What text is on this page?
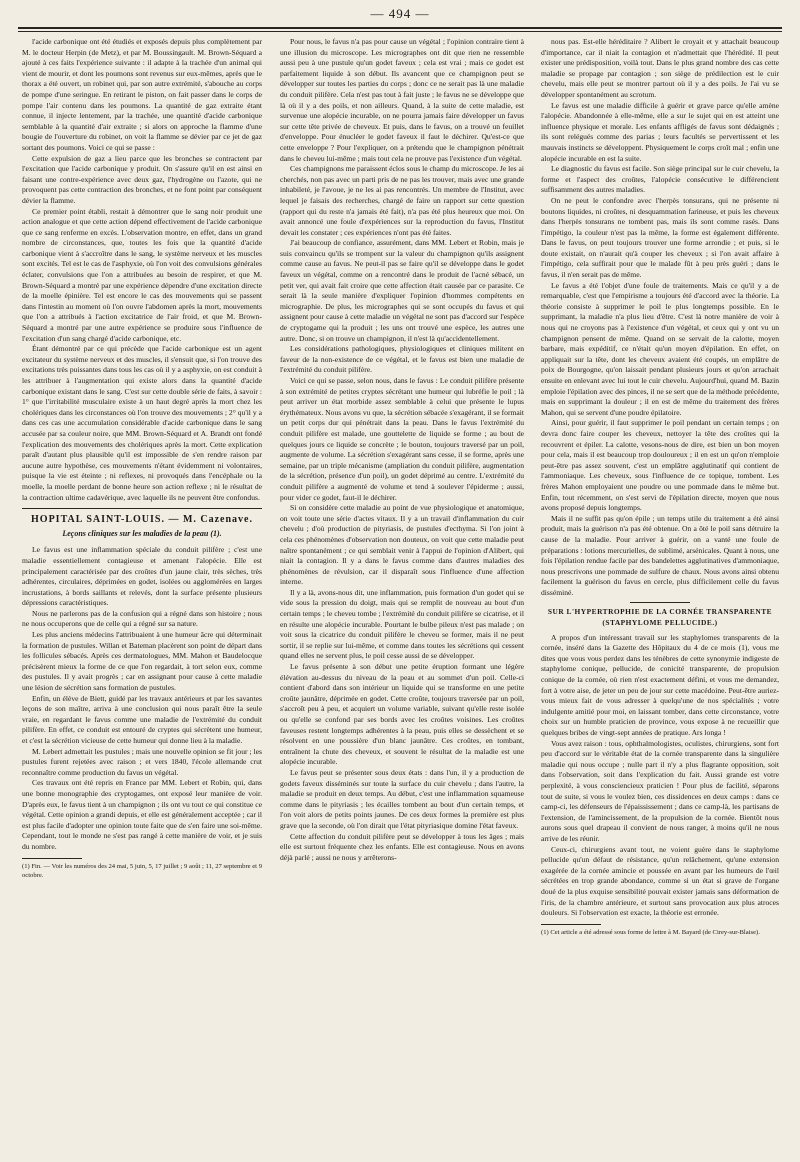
— 494 —

l'acide carbonique ont été étudiés et exposés depuis plus complètement par M. le docteur Herpin (de Metz), et par M. Boussingault. M. Brown-Séquard a ajouté à ces faits l'expérience suivante : il adapte à la trachée d'un animal qui vient de mourir, et dont les poumons sont revenus sur eux-mêmes, après que le thorax a été ouvert, un robinet qui, par son autre extrémité, s'abouche au corps de pompe d'une seringue. En retirant le piston, on fait passer dans le corps de pompe l'air contenu dans les poumons. La quantité de gaz extraite étant connue, il injecte lentement, par la trachée, une quantité d'acide carbonique semblable à la quantité d'air extraite ; si alors on approche la flamme d'une bougie de l'ouverture du robinet, on voit la flamme se dévier par ce jet de gaz sortant des poumons. Voici ce qui se passe :

Cette expulsion de gaz a lieu parce que les bronches se contractent par l'excitation que l'acide carbonique y produit. On s'assure qu'il en est ainsi en faisant une contre-expérience avec deux gaz, l'hydrogène ou l'azote, qui ne provoquent pas cette contraction des bronches, et ne font point par conséquent dévier la flamme.

Ce premier point établi, restait à démontrer que le sang noir produit une action analogue et que cette action dépend effectivement de l'acide carbonique que ce sang renferme en excès. L'observation montre, en effet, dans un grand nombre de circonstances, que, toutes les fois que la quantité d'acide carbonique vient à s'accroître dans le sang, le système nerveux et les muscles sont excités. Tel est le cas de l'asphyxie, où l'on voit des convulsions générales éclater, convulsions que l'on a attribuées au besoin de respirer, et que M. Brown-Séquard a montré par une expérience dépendre d'une excitation directe de la moelle épinière. Tel est encore le cas des mouvements qui se passent dans l'intestin au moment où l'on ouvre l'abdomen après la mort, mouvements que l'on a attribués à l'action excitatrice de l'air froid, et que M. Brown-Séquard a montré par une autre expérience se produire sous l'influence de l'excitation d'un sang chargé d'acide carbonique, etc.

Étant démontré par ce qui précède que l'acide carbonique est un agent excitateur du système nerveux et des muscles, il s'ensuit que, si l'on trouve des excitations très puissantes dans tous les cas où il y a asphyxie, on est conduit à les attribuer à l'augmentation qui existe alors dans la quantité d'acide carbonique existant dans le sang. C'est sur cette double série de faits, à savoir : 1° que l'irritabilité musculaire existe à un haut degré après la mort chez les cholériques dans les circonstances où l'on trouve des mouvements ; 2° qu'il y a dans ces cas une accumulation considérable d'acide carbonique dans le sang accusée par sa couleur noire, que MM. Brown-Séquard et A. Brandt ont fondé l'explication des mouvements des cholériques après la mort. Cette explication paraît d'autant plus plausible qu'il est impossible de s'en rendre raison par aucune autre hypothèse, ces mouvements n'étant évidemment ni volontaires, puisque la vie est éteinte ; ni reflexes, ni provoqués dans l'encéphale ou la moelle, la moelle perdant de bonne heure son action reflexe ; ni le résultat de la contraction ultime cadavérique, avec laquelle ils ne peuvent être confondus.

HOPITAL SAINT-LOUIS. — M. Cazenave.
Leçons cliniques sur les maladies de la peau (1).

Le favus est une inflammation spéciale du conduit pilifère ; c'est une maladie essentiellement contagieuse et amenant l'alopécie. Elle est principalement caractérisée par des croûtes d'un jaune clair, très sèches, très adhérentes, circulaires, déprimées en godet, isolées ou agglomérées en larges incrustations, à bords saillants et relevés, dont la surface présente plusieurs dépressions caractéristiques.

Nous ne parlerons pas de la confusion qui a régné dans son histoire ; nous ne nous occuperons que de celle qui a régné sur sa nature.

Les plus anciens médecins l'attribuaient à une humeur âcre qui déterminait la formation de pustules. Willan et Bateman placèrent son point de départ dans les follicules sébacés. Après ces dermatologues, MM. Mahon et Baudelocque précisèrent mieux la forme de ce que l'on regardait, à tort selon eux, comme des pustules. Il y avait progrès ; car en assignant pour cause à cette maladie une lésion de sécrétion sans formation de pustules.

Enfin, un élève de Biett, guidé par les travaux antérieurs et par les savantes leçons de son maître, arriva à une conclusion qui nous paraît être la seule vraie, en regardant le favus comme une maladie de l'extrémité du conduit pilifère. En effet, ce conduit est entouré de cryptes qui sécrètent une humeur, et c'est la sécrétion vicieuse de cette humeur qui donne lieu à la maladie.

M. Lebert admettait les pustules ; mais une nouvelle opinion se fit jour ; les pustules furent rejetées avec raison ; et vers 1840, l'école allemande crut reconnaître comme production du favus un végétal.

Ces travaux ont été repris en France par MM. Lebert et Robin, qui, dans une bonne monographie des cryptogames, ont exposé leur manière de voir. D'après eux, le favus tient à un champignon ; ils ont vu tout ce qui constitue ce végétal. Cette opinion a grandi depuis, et elle est généralement acceptée ; car il est plus facile d'adopter une opinion toute faite que de s'en faire une soi-même. Cependant, tout le monde ne s'est pas rangé à cette manière de voir, et je suis du nombre.

(1) Fin. — Voir les numéros des 24 mai, 5 juin, 5, 17 juillet ; 9 août ; 11, 27 septembre et 9 octobre.

Pour nous, le favus n'a pas pour cause un végétal ; l'opinion contraire tient à une illusion du microscope. Les micrographes ont dit que rien ne ressemble aussi peu à une pustule qu'un godet faveux ; cela est vrai ; mais ce godet est parfaitement liquide à son début. Ils avancent que ce champignon peut se développer sur toutes les parties du corps ; donc ce ne serait pas là une maladie du conduit pilifère. Cela n'est pas tout à fait juste ; le favus ne se développe que là où il y a des poils, et non ailleurs. Quand, à la suite de cette maladie, est survenue une alopécie incurable, on ne pourra jamais faire développer un favus sur cette tête privée de cheveux. Et puis, dans le favus, on a trouvé un feuillet d'enveloppe. Pour énucléer le godet faveux il faut le déchirer. Qu'est-ce que cette enveloppe ? Pour l'expliquer, on a prétendu que le champignon pénétrait dans le cheveu lui-même ; mais tout cela ne prouve pas l'existence d'un végétal.

Ces champignons me paraissent éclos sous le champ du microscope. Je les ai cherchés, non pas avec un parti pris de ne pas les trouver, mais avec une grande inhabileté, je l'avoue, je ne les ai pas rencontrés. Un membre de l'Institut, avec lequel je faisais des recherches, chargé de faire un rapport sur cette question (rapport qui du reste n'a jamais été fait), n'a pas été plus heureux que moi. On avait annoncé une foule d'expériences sur la reproduction du favus, l'Institut devait les constater ; ces expériences n'ont pas été faites.

J'ai beaucoup de confiance, assurément, dans MM. Lebert et Robin, mais je suis convaincu qu'ils se trompent sur la valeur du champignon qu'ils assignent comme cause au favus. Ne peut-il pas se faire qu'il se développe dans le godet faveux un végétal, comme on a rencontré dans le produit de l'acné sébacé, un petit ver, qui avait fait croire que cette affection était causée par ce parasite. Ce serait là la seule manière d'expliquer l'opinion d'hommes compétents en micrographie. De plus, les micrographes qui se sont occupés du favus et qui assignent pour cause à cette maladie un végétal ne sont pas d'accord sur l'espèce de cryptogame qui la produit ; les uns ont trouvé une espèce, les autres une autre. Donc, si on trouve un champignon, il n'est là qu'accidentellement.

Les considérations pathologiques, physiologiques et cliniques militent en faveur de la non-existence de ce végétal, et le favus est bien une maladie de l'extrémité du conduit pilifère.

Voici ce qui se passe, selon nous, dans le favus : Le conduit pilifère présente à son extrémité de petites cryptes sécrétant une humeur qui lubréfie le poil ; là peut arriver un état morbide assez semblable à celui que présente le lupus érythémateux. Nous avons vu que, la sécrétion sébacée s'exagérant, il se formait un petit corps dur qui pénétrait dans la peau. Dans le favus l'extrémité du conduit pilifère est malade, une gouttelette de liquide se forme ; au bout de quelques jours ce liquide se concrète ; le bouton, toujours traversé par un poil, augmente de volume. La sécrétion s'exagérant sans cesse, il se forme, après une semaine, par un triple mécanisme (ampliation du conduit pilifère, augmentation de la sécrétion, présence d'un poil), un godet déprimé au centre. L'extrémité du conduit pilifère a augmenté de volume et tend à soulever l'épiderme ; aussi, pour vider ce godet, faut-il le déchirer.

Si on considère cette maladie au point de vue physiologique et anatomique, on voit toute une série d'actes vitaux. Il y a un travail d'inflammation du cuir chevelu ; d'où production de pityriasis, de pustules d'ecthyma. Si l'on joint à cela ces phénomènes d'observation non douteux, on voit que cette maladie peut naître spontanément ; ce qui semblait venir à l'appui de l'opinion d'Alibert, qui niait la contagion. Il y a dans le favus comme dans d'autres maladies des phénomènes de révulsion, car il disparaît sous l'influence d'une affection interne.

Il y a là, avons-nous dit, une inflammation, puis formation d'un godet qui se vide sous la pression du doigt, mais qui se remplit de nouveau au bout d'un certain temps ; le cheveu tombe ; l'extrémité du conduit pilifère se cicatrise, et il en résulte une alopécie incurable. Pourtant le bulbe pileux n'est pas malade ; on voit sous la cicatrice du conduit pilifère le cheveu se former, mais il ne peut sortir, il se replie sur lui-même, et comme dans toutes les sécrétions qui cessent quand elles ne servent plus, le poil cesse aussi de se développer.

Le favus présente à son début une petite éruption formant une légère élévation au-dessus du niveau de la peau et au sommet d'un poil. Celle-ci contient d'abord dans son intérieur un liquide qui se transforme en une petite croûte jaunâtre, déprimée en godet. Cette croûte, toujours traversée par un poil, s'accroît peu à peu, et acquiert un volume variable, suivant qu'elle reste isolée ou qu'elle se confond par ses bords avec les croûtes voisines. Les croûtes faveuses restent longtemps adhérentes à la peau, puis elles se dessèchent et se résolvent en une poussière d'un blanc jaunâtre. Ces croûtes, en tombant, entraînent la chute des cheveux, et souvent le résultat de la maladie est une alopécie incurable.

Le favus peut se présenter sous deux états : dans l'un, il y a production de godets faveux disséminés sur toute la surface du cuir chevelu ; dans l'autre, la maladie se produit en deux temps. Au début, c'est une inflammation squameuse comme dans le pityriasis ; les écailles tombent au bout d'un certain temps, et l'on voit alors de petits points jaunes. De ces deux formes la première est plus grave que la seconde, où l'on dirait que l'état pityriasique domine l'état faveux.

Cette affection du conduit pilifère peut se développer à tous les âges ; mais elle est surtout fréquente chez les enfants. Elle est contagieuse. Nous en avons déjà parlé ; aussi ne nous y arrêterons-

nous pas. Est-elle héréditaire ? Alibert le croyait et y attachait beaucoup d'importance, car il niait la contagion et n'admettait que l'hérédité. Il peut exister une prédisposition, voilà tout. Dans le plus grand nombre des cas cette maladie se propage par contagion ; son siège de prédilection est le cuir chevelu, mais elle peut se montrer partout où il y a des poils. Je l'ai vu se développer spontanément au scrotum.

Le favus est une maladie difficile à guérir et grave parce qu'elle amène l'alopécie. Abandonnée à elle-même, elle a sur le sujet qui en est atteint une influence physique et morale. Les enfants affligés de favus sont dédaignés ; ils sont relégués comme des parias ; leurs facultés se pervertissent et les mauvais instincts se développent. Physiquement le corps croît mal ; enfin une alopécie incurable en est la suite.

Le diagnostic du favus est facile. Son siège principal sur le cuir chevelu, la forme et l'aspect des croûtes, l'alopécie consécutive le différencient suffisamment des autres maladies.

On ne peut le confondre avec l'herpès tonsurans, qui ne présente ni boutons liquides, ni croûtes, ni desquammation farineuse, et puis les cheveux dans l'herpès tonsurans ne tombent pas, mais ils sont comme rasés. Dans l'impétigo, la couleur n'est pas la même, la forme est également différente. Dans le favus, on peut toujours trouver une forme arrondie ; et puis, si le doute existait, on n'aurait qu'à couper les cheveux ; si l'on avait affaire à l'impétigo, cela suffirait pour que le malade fût à peu près guéri ; dans le favus, il n'en serait pas de même.

Le favus a été l'objet d'une foule de traitements. Mais ce qu'il y a de remarquable, c'est que l'empirisme a toujours été d'accord avec la théorie. La théorie consiste à supprimer le poil le plus longtemps possible. En le supprimant, la maladie n'a plus lieu d'être. C'est là notre manière de voir à nous qui ne croyons pas à l'existence d'un végétal, et ceux qui y ont vu un champignon pensent de même. Quand on se servait de la calotte, moyen barbare, mais expéditif, ce n'était qu'un moyen d'épilation. En effet, on appliquait sur la tête, dont les cheveux avaient été coupés, un emplâtre de poix de Bourgogne, qu'on laissait pendant plusieurs jours et qu'on arrachait ensuite en enlevant avec lui tout le cuir chevelu. Aujourd'hui, quand M. Bazin emploie l'épilation avec des pinces, il ne se sert que de la méthode précédente, mais en supprimant la douleur ; il en est de même du traitement des frères Mahon, qui se servent d'une poudre épilatoire.

Ainsi, pour guérir, il faut supprimer le poil pendant un certain temps ; on devra donc faire couper les cheveux, nettoyer la tête des croûtes qui la recouvrent et épiler. La calotte, vesons-nous de dire, est bien un bon moyen pour cela, mais il est beaucoup trop douloureux ; il en est un qu'on n'emploie peut-être pas assez souvent, c'est un emplâtre agglutinatif qui contient de l'ammoniaque. Les cheveux, sous l'influence de ce topique, tombent. Les frères Mahon employaient une poudre ou une pommade dans le même but. Enfin, tout récemment, on s'est servi de l'épilation directe, moyen que nous avons proposé depuis longtemps.

Mais il ne suffit pas qu'on épile ; un temps utile du traitement a été ainsi produit, mais la guérison n'a pas été obtenue. On a ôté le poil sans détruire la cause de la maladie. Pour arriver à guérir, on a vanté une foule de préparations : lotions mercurielles, de sublimé, arsénicales. Quant à nous, une fois l'épilation rendue facile par des bandelettes agglutinatives d'ammoniaque, nous prescrivons une pommade de sulfure de chaux. Nous avons ainsi obtenu facilement la guérison du favus en cercle, plus difficilement celle du favus disséminé.

SUR L'HYPERTROPHIE DE LA CORNÉE TRANSPARENTE (STAPHYLOME PELLUCIDE.)

A propos d'un intéressant travail sur les staphylomes transparents de la cornée, inséré dans la Gazette des Hôpitaux du 4 de ce mois (1), vous me dites que vous vous perdez dans les ténèbres de cette synonymie indigeste de staphylome conique, pellucide, de conicité transparente, de propulsion conique de la cornée, où rien n'est exactement défini, et vous me demandez, fort à votre aise, de jeter un peu de jour sur cette macédoine. Peut-être auriez-vous mieux fait de vous adresser à quelqu'une de nos spécialités ; votre indulgente amitié pour moi, en laissant tomber, dans cette circonstance, votre choix sur un humble praticien de province, vous expose à ne recueillir que quelques bribes de vingt-sept années de pratique. Ars longa !

Vous avez raison : tous, ophthalmologistes, oculistes, chirurgiens, sont fort peu d'accord sur le véritable état de la cornée transparente dans la singulière maladie qui nous occupe ; nulle part il n'y a plus flagrante opposition, soit dans l'observation, soit dans l'explication du fait. Aussi grande est votre perplexité, à vous consciencieux praticien ! Pour plus de facilité, séparons tout de suite, si vous le voulez bien, ces dissidences en deux camps : dans ce camp-ci, les défenseurs de l'épaississement ; dans ce camp-là, les partisans de l'extension, de l'amincissement, de la propulsion de la cornée. Bientôt nous aurons sous quel drapeau il convient de nous ranger, à moins qu'il ne nous arrive de les réunir.

Ceux-ci, chirurgiens avant tout, ne voient guère dans le staphylome pellucide qu'un défaut de résistance, qu'un relâchement, qu'une extension exagérée de la cornée amincie et poussée en avant par les humeurs de l'œil sécrétées en trop grande abondance, comme si un état si grave de l'organe doué de la plus exquise sensibilité pouvait exister jamais sans déformation de l'iris, de la chambre antérieure, et surtout sans provocation aux plus atroces douleurs. Si l'observation est exacte, la théorie est erronée.

(1) Cet article a été adressé sous forme de lettre à M. Bayard (de Cirey-sur-Blaise).
